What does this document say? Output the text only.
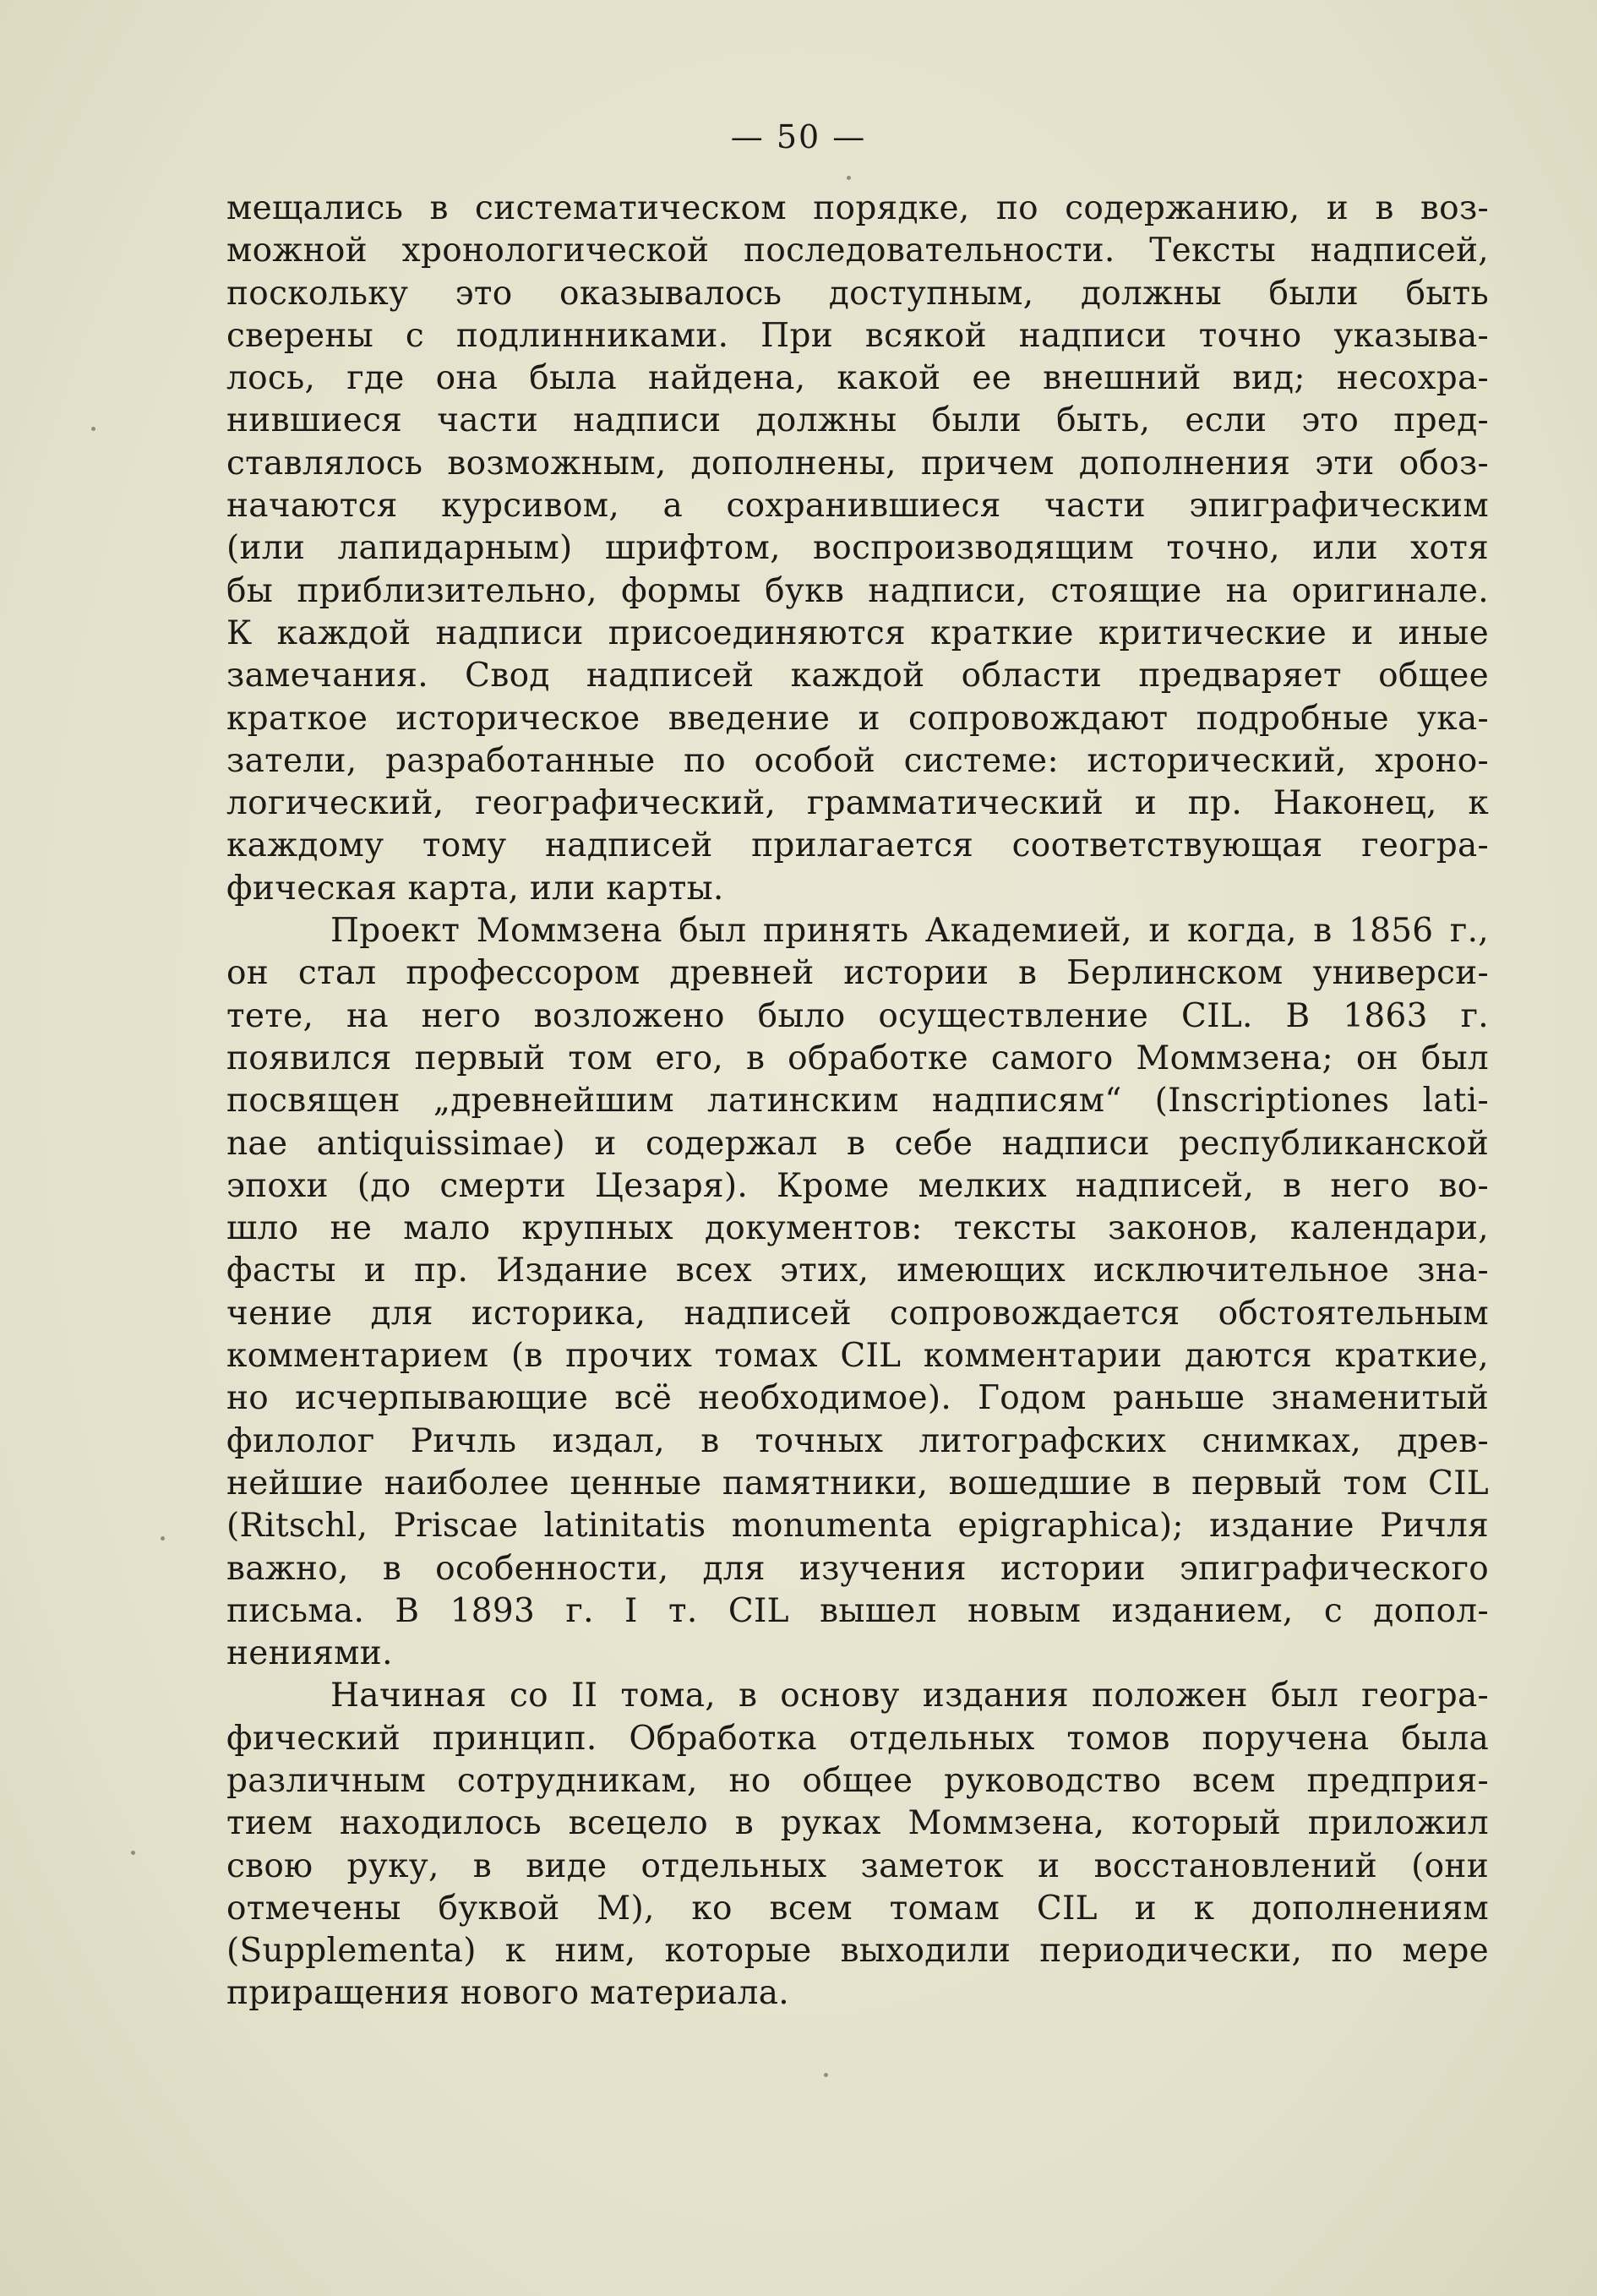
— 50 —
мещались в систематическом порядке, по содержанию, и в воз-
можной хронологической последовательности. Тексты надписей,
поскольку это оказывалось доступным, должны были быть
сверены с подлинниками. При всякой надписи точно указыва-
лось, где она была найдена, какой ее внешний вид; несохра-
нившиеся части надписи должны были быть, если это пред-
ставлялось возможным, дополнены, причем дополнения эти обоз-
начаются курсивом, а сохранившиеся части эпиграфическим
(или лапидарным) шрифтом, воспроизводящим точно, или хотя
бы приблизительно, формы букв надписи, стоящие на оригинале.
К каждой надписи присоединяются краткие критические и иные
замечания. Свод надписей каждой области предваряет общее
краткое историческое введение и сопровождают подробные ука-
затели, разработанные по особой системе: исторический, хроно-
логический, географический, грамматический и пр. Наконец, к
каждому тому надписей прилагается соответствующая геогра-
фическая карта, или карты.
Проект Моммзена был принять Академией, и когда, в 1856 г.,
он стал профессором древней истории в Берлинском универси-
тете, на него возложено было осуществление CIL. В 1863 г.
появился первый том его, в обработке самого Моммзена; он был
посвящен „древнейшим латинским надписям“ (Inscriptiones lati-
nae antiquissimae) и содержал в себе надписи республиканской
эпохи (до смерти Цезаря). Кроме мелких надписей, в него во-
шло не мало крупных документов: тексты законов, календари,
фасты и пр. Издание всех этих, имеющих исключительное зна-
чение для историка, надписей сопровождается обстоятельным
комментарием (в прочих томах CIL комментарии даются краткие,
но исчерпывающие всё необходимое). Годом раньше знаменитый
филолог Ричль издал, в точных литографских снимках, древ-
нейшие наиболее ценные памятники, вошедшие в первый том CIL
(Ritschl, Priscae latinitatis monumenta epigraphica); издание Ричля
важно, в особенности, для изучения истории эпиграфического
письма. В 1893 г. I т. CIL вышел новым изданием, с допол-
нениями.
Начиная со II тома, в основу издания положен был геогра-
фический принцип. Обработка отдельных томов поручена была
различным сотрудникам, но общее руководство всем предприя-
тием находилось всецело в руках Моммзена, который приложил
свою руку, в виде отдельных заметок и восстановлений (они
отмечены буквой М), ко всем томам CIL и к дополнениям
(Supplementa) к ним, которые выходили периодически, по мере
приращения нового материала.
